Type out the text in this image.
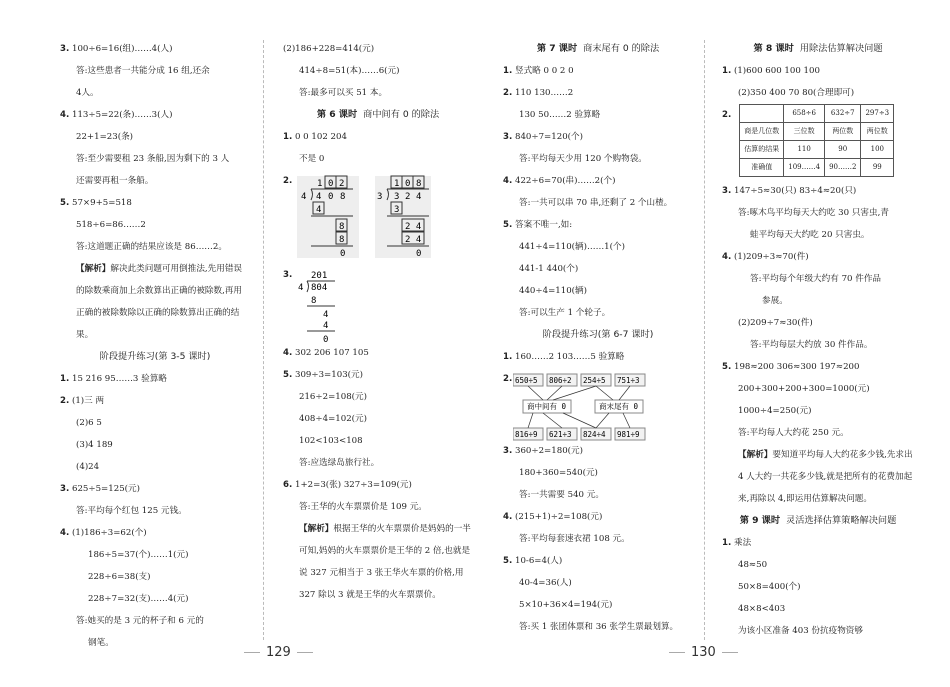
3. 100÷6=16(组)……4(人)
答:这些患者一共能分成 16 组,还余
4人。
4. 113÷5=22(条)……3(人)
22+1=23(条)
答:至少需要租 23 条船,因为剩下的 3 人
还需要再租一条船。
5. 57×9+5=518
518÷6=86……2
答:这道题正确的结果应该是 86……2。
【解析】解决此类问题可用倒推法,先用错误的除数乘商加上余数算出正确的被除数,再用正确的被除数除以正确的除数算出正确的结果。
阶段提升练习(第 3-5 课时)
1. 15 216 95……3 验算略
2. (1)三 两
(2)6 5
(3)4 189
(4)24
3. 625÷5=125(元)
答:平均每个红包 125 元钱。
4. (1)186÷3=62(个)
186÷5=37(个)……1(元)
228÷6=38(支)
228÷7=32(支)……4(元)
答:她买的是 3 元的杯子和 6 元的
钢笔。
(2)186+228=414(元)
414÷8=51(本)……6(元)
答:最多可以买 51 本。
第 6 课时 商中间有 0 的除法
1. 0 0 102 204
不是 0
2.	1 0 2
4 4 0 8
4
8
8
0
1 0 8
3 3 2 4
3
2 4
2 4
0
3. 201
4 804
8
4
4
0
4. 302 206 107 105
5. 309÷3=103(元)
216÷2=108(元)
408÷4=102(元)
102<103<108
答:应选绿岛旅行社。
6. 1+2=3(张) 327÷3=109(元)
答:王华的火车票票价是 109 元。
【解析】根据王华的火车票票价是妈妈的一半可知,妈妈的火车票票价是王华的 2 倍,也就是说 327 元相当于 3 张王华火车票的价格,用 327 除以 3 就是王华的火车票票价。
第 7 课时 商末尾有 0 的除法
1. 竖式略 0 0 2 0
2. 110 130……2
130 50……2 验算略
3. 840÷7=120(个)
答:平均每天少用 120 个购物袋。
4. 422÷6=70(串)……2(个)
答:一共可以串 70 串,还剩了 2 个山楂。
5. 答案不唯一,如:
441÷4=110(辆)……1(个)
441-1 440(个)
440÷4=110(辆)
答:可以生产 1 个轮子。
阶段提升练习(第 6-7 课时)
1. 160……2 103……5 验算略
2. 650÷5 806÷2 254÷5 751÷3
商中间有 0	商末尾有 0
816÷9 621÷3 824÷4 981÷9
3. 360÷2=180(元)
180+360=540(元)
答:一共需要 540 元。
4. (215+1)÷2=108(元)
答:平均每套速衣裙 108 元。
5. 10-6=4(人)
40-4=36(人)
5×10+36×4=194(元)
答:买 1 张团体票和 36 张学生票最划算。
第 8 课时 用除法估算解决问题
1. (1)600 600 100 100
(2)350 400 70 80(合理即可)
2.
		658÷6	632÷7	297÷3
商是几位数	三位数	两位数	两位数
估算的结果	110	90	100
准确值	109……4	90……2	99
3. 147÷5≈30(只) 83÷4≈20(只)
答:啄木鸟平均每天大约吃 30 只害虫,青
蛙平均每天大约吃 20 只害虫。
4. (1)209÷3≈70(件)
答:平均每个年级大约有 70 件作品
参展。
(2)209÷7≈30(件)
答:平均每层大约放 30 件作品。
5. 198≈200 306≈300 197≈200
200+300+200+300=1000(元)
1000÷4=250(元)
答:平均每人大约花 250 元。
【解析】要知道平均每人大约花多少钱,先求出 4 人大约一共花多少钱,就是把所有的花费加起来,再除以 4,即运用估算解决问题。
第 9 课时 灵活选择估算策略解决问题
1. 乘法
48≈50
50×8=400(个)
48×8<403
为该小区准备 403 份抗疫物资够
129	130
